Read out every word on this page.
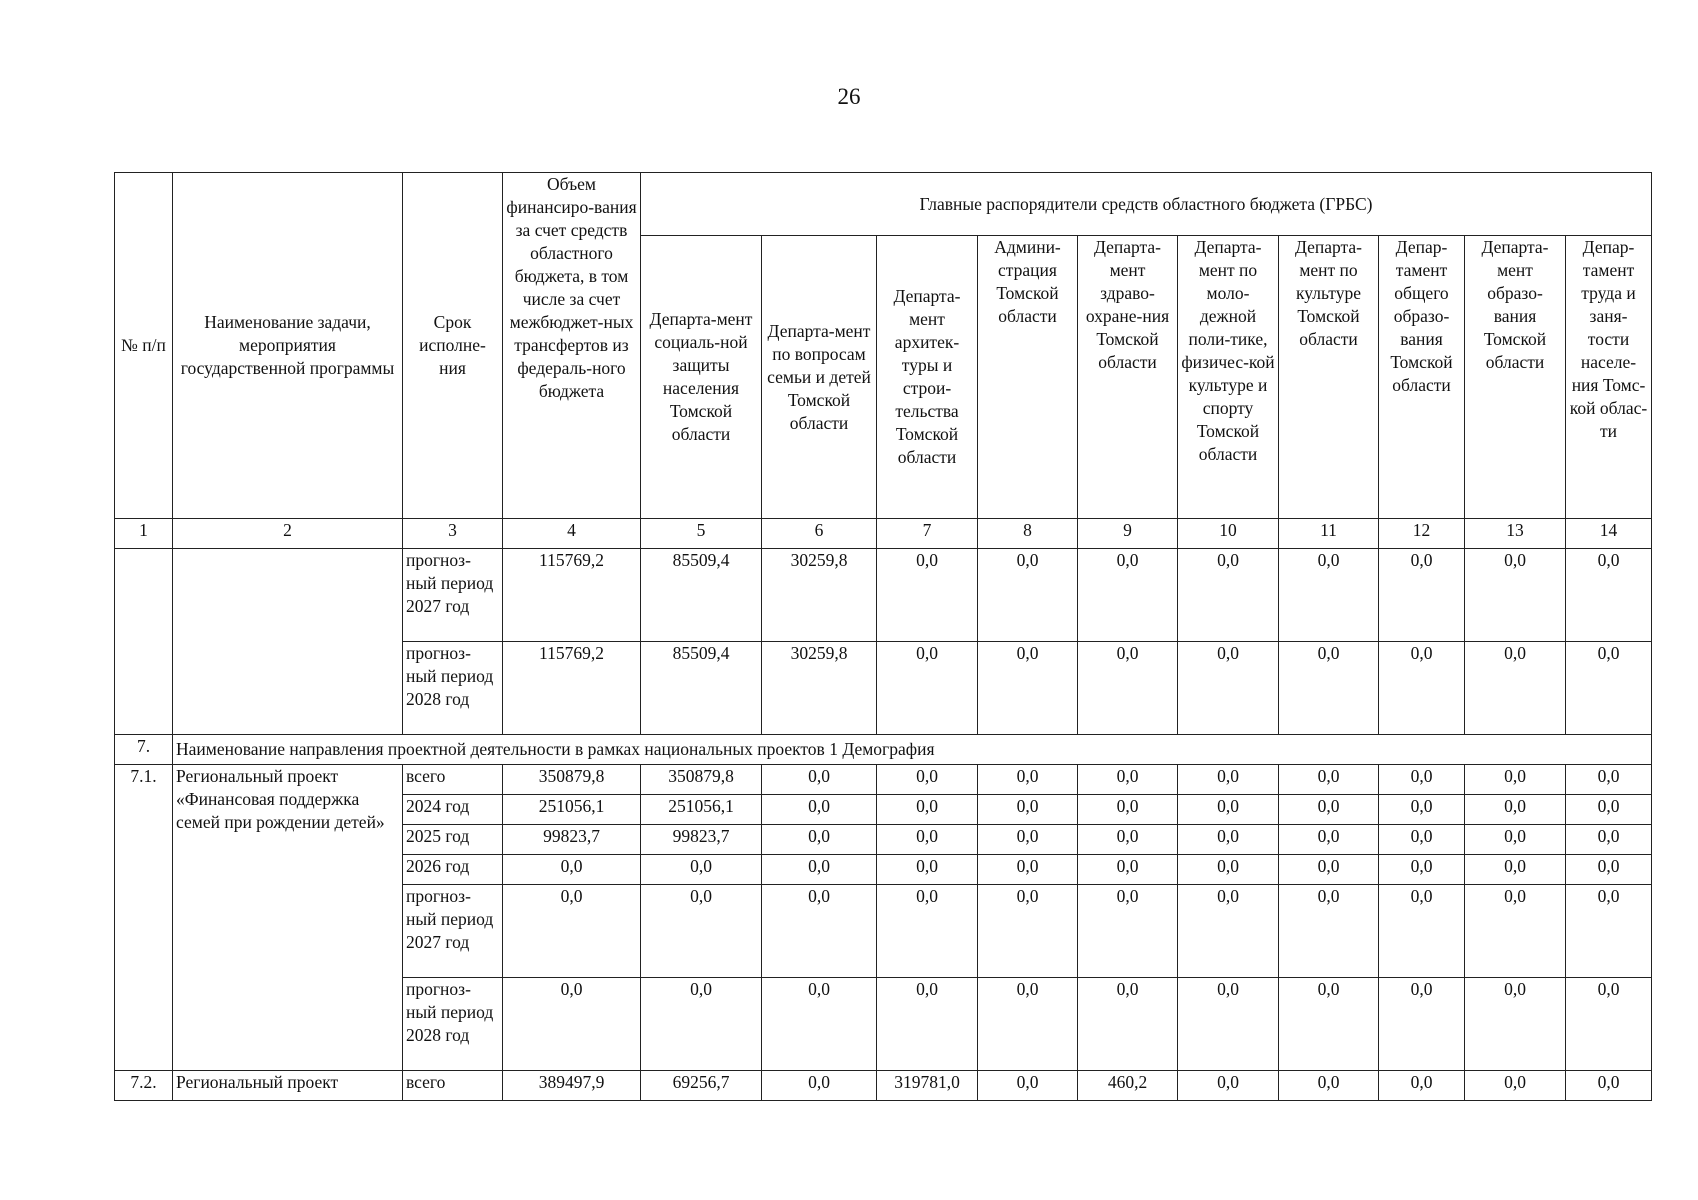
26
№ п/п	Наименование задачи, мероприятия государственной программы	Срок исполне-ния	Объем финансиро-вания за счет средств областного бюджета, в том числе за счет межбюджет-ных трансфертов из федераль-ного бюджета	Главные распорядители средств областного бюджета (ГРБС)									
				Департа-мент социаль-ной защиты населения Томской области	Департа-мент по вопросам семьи и детей Томской области	Департа-мент архитек-туры и строи-тельства Томской области	Админи-страция Томской области	Департа-мент здраво-охране-ния Томской области	Департа-мент по моло-дежной поли-тике, физичес-кой культуре и спорту Томской области	Департа-мент по культуре Томской области	Депар-тамент общего образо-вания Томской области	Департа-мент образо-вания Томской области	Депар-тамент труда и заня-тости населе-ния Томс-кой облас-ти
1	2	3	4	5	6	7	8	9	10	11	12	13	14
		прогноз-ный период 2027 год	115769,2	85509,4	30259,8	0,0	0,0	0,0	0,0	0,0	0,0	0,0	0,0
		прогноз-ный период 2028 год	115769,2	85509,4	30259,8	0,0	0,0	0,0	0,0	0,0	0,0	0,0	0,0
7.	Наименование направления проектной деятельности в рамках национальных проектов 1 Демография												
7.1.	Региональный проект «Финансовая поддержка семей при рождении детей»	всего	350879,8	350879,8	0,0	0,0	0,0	0,0	0,0	0,0	0,0	0,0	0,0
		2024 год	251056,1	251056,1	0,0	0,0	0,0	0,0	0,0	0,0	0,0	0,0	0,0
		2025 год	99823,7	99823,7	0,0	0,0	0,0	0,0	0,0	0,0	0,0	0,0	0,0
		2026 год	0,0	0,0	0,0	0,0	0,0	0,0	0,0	0,0	0,0	0,0	0,0
		прогноз-ный период 2027 год	0,0	0,0	0,0	0,0	0,0	0,0	0,0	0,0	0,0	0,0	0,0
		прогноз-ный период 2028 год	0,0	0,0	0,0	0,0	0,0	0,0	0,0	0,0	0,0	0,0	0,0
7.2.	Региональный проект	всего	389497,9	69256,7	0,0	319781,0	0,0	460,2	0,0	0,0	0,0	0,0	0,0
